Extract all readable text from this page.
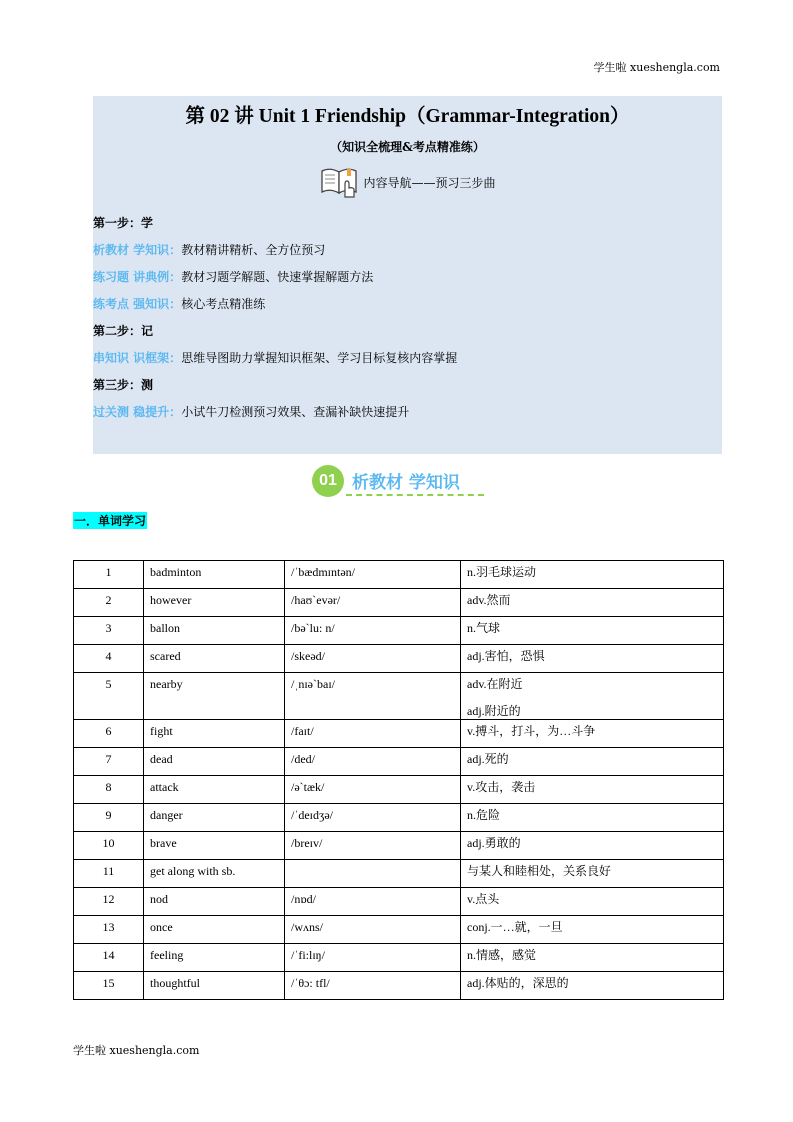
学生啦 xueshengla.com
第 02 讲 Unit 1 Friendship（Grammar-Integration）
（知识全梳理&考点精准练）
内容导航——预习三步曲
第一步：学
析教材 学知识：教材精讲精析、全方位预习
练习题 讲典例：教材习题学解题、快速掌握解题方法
练考点 强知识：核心考点精准练
第二步：记
串知识 识框架：思维导图助力掌握知识框架、学习目标复核内容掌握
第三步：测
过关测 稳提升：小试牛刀检测预习效果、查漏补缺快速提升
01 析教材 学知识
一．单词学习
1	badminton	/ˈbædmɪntən/	n.羽毛球运动

2	however	/haʊˋevər/	adv.然而

3	ballon	/bəˋlu: n/	n.气球

4	scared	/skeəd/	adj.害怕，恐惧

5	nearby	/ˌnɪəˋbaɪ/	adv.在附近
adj.附近的

6	fight	/faɪt/	v.搏斗，打斗，为…斗争

7	dead	/ded/	adj.死的

8	attack	/əˋtæk/	v.攻击，袭击

9	danger	/ˈdeɪdʒə/	n.危险

10	brave	/breɪv/	adj.勇敢的

11	get along with sb.		与某人和睦相处，关系良好

12	nod	/nɒd/	v.点头

13	once	/wʌns/	conj.一…就，一旦

14	feeling	/ˈfi:lɪŋ/	n.情感，感觉

15	thoughtful	/ˈθɔ: tfl/	adj.体贴的，深思的
学生啦 xueshengla.com
